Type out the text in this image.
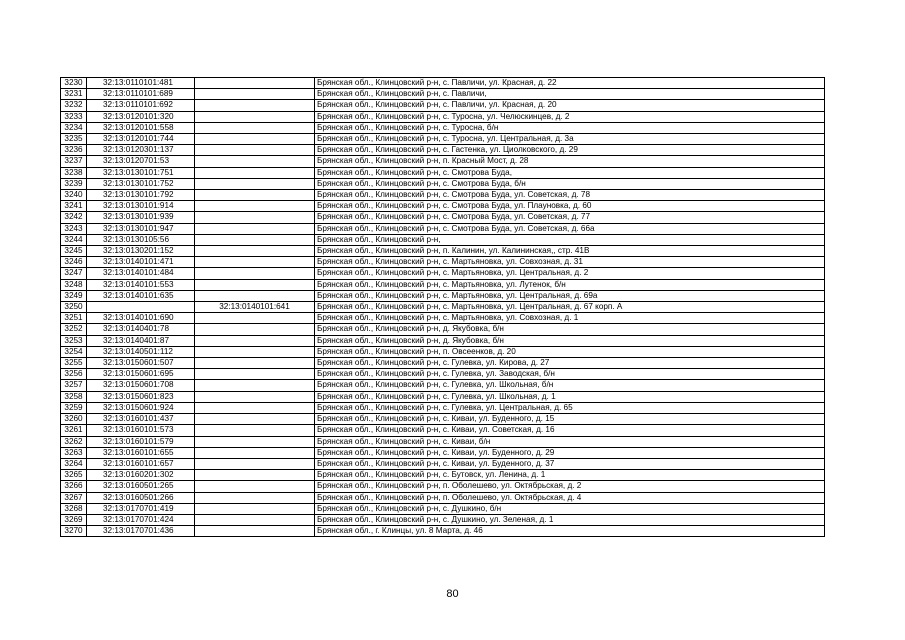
3230	32:13:0110101:481		Брянская обл., Клинцовский р-н, с. Павличи, ул. Красная, д. 22
3231	32:13:0110101:689		Брянская обл., Клинцовский р-н, с. Павличи,
3232	32:13:0110101:692		Брянская обл., Клинцовский р-н, с. Павличи, ул. Красная, д. 20
3233	32:13:0120101:320		Брянская обл., Клинцовский р-н, с. Туросна, ул. Челюскинцев, д. 2
3234	32:13:0120101:558		Брянская обл., Клинцовский р-н, с. Туросна, б/н
3235	32:13:0120101:744		Брянская обл., Клинцовский р-н, с. Туросна, ул. Центральная, д. 3а
3236	32:13:0120301:137		Брянская обл., Клинцовский р-н, с. Гастенка, ул. Циолковского, д. 29
3237	32:13:0120701:53		Брянская обл., Клинцовский р-н, п. Красный Мост, д. 28
3238	32:13:0130101:751		Брянская обл., Клинцовский р-н, с. Смотрова Буда,
3239	32:13:0130101:752		Брянская обл., Клинцовский р-н, с. Смотрова Буда, б/н
3240	32:13:0130101:792		Брянская обл., Клинцовский р-н, с. Смотрова Буда, ул. Советская, д. 78
3241	32:13:0130101:914		Брянская обл., Клинцовский р-н, с. Смотрова Буда, ул. Плауновка, д. 60
3242	32:13:0130101:939		Брянская обл., Клинцовский р-н, с. Смотрова Буда, ул. Советская, д. 77
3243	32:13:0130101:947		Брянская обл., Клинцовский р-н, с. Смотрова Буда, ул. Советская, д. 66а
3244	32:13:0130105:56		Брянская обл., Клинцовский р-н,
3245	32:13:0130201:152		Брянская обл., Клинцовский р-н, п. Калинин, ул. Калининская,, стр. 41В
3246	32:13:0140101:471		Брянская обл., Клинцовский р-н, с. Мартьяновка, ул. Совхозная, д. 31
3247	32:13:0140101:484		Брянская обл., Клинцовский р-н, с. Мартьяновка, ул. Центральная, д. 2
3248	32:13:0140101:553		Брянская обл., Клинцовский р-н, с. Мартьяновка, ул. Лутенок, б/н
3249	32:13:0140101:635		Брянская обл., Клинцовский р-н, с. Мартьяновка, ул. Центральная, д. 69а
3250		32:13:0140101:641	Брянская обл., Клинцовский р-н, с. Мартьяновка, ул. Центральная, д. 67 корп. А
3251	32:13:0140101:690		Брянская обл., Клинцовский р-н, с. Мартьяновка, ул. Совхозная, д. 1
3252	32:13:0140401:78		Брянская обл., Клинцовский р-н, д. Якубовка, б/н
3253	32:13:0140401:87		Брянская обл., Клинцовский р-н, д. Якубовка, б/н
3254	32:13:0140501:112		Брянская обл., Клинцовский р-н, п. Овсеенков, д. 20
3255	32:13:0150601:507		Брянская обл., Клинцовский р-н, с. Гулевка, ул. Кирова, д. 27
3256	32:13:0150601:695		Брянская обл., Клинцовский р-н, с. Гулевка, ул. Заводская, б/н
3257	32:13:0150601:708		Брянская обл., Клинцовский р-н, с. Гулевка, ул. Школьная, б/н
3258	32:13:0150601:823		Брянская обл., Клинцовский р-н, с. Гулевка, ул. Школьная, д. 1
3259	32:13:0150601:924		Брянская обл., Клинцовский р-н, с. Гулевка, ул. Центральная, д. 65
3260	32:13:0160101:437		Брянская обл., Клинцовский р-н, с. Киваи, ул. Буденного, д. 15
3261	32:13:0160101:573		Брянская обл., Клинцовский р-н, с. Киваи, ул. Советская, д. 16
3262	32:13:0160101:579		Брянская обл., Клинцовский р-н, с. Киваи, б/н
3263	32:13:0160101:655		Брянская обл., Клинцовский р-н, с. Киваи, ул. Буденного, д. 29
3264	32:13:0160101:657		Брянская обл., Клинцовский р-н, с. Киваи, ул. Буденного, д. 37
3265	32:13:0160201:302		Брянская обл., Клинцовский р-н, с. Бутовск, ул. Ленина, д. 1
3266	32:13:0160501:265		Брянская обл., Клинцовский р-н, п. Оболешево, ул. Октябрьская, д. 2
3267	32:13:0160501:266		Брянская обл., Клинцовский р-н, п. Оболешево, ул. Октябрьская, д. 4
3268	32:13:0170701:419		Брянская обл., Клинцовский р-н, с. Душкино, б/н
3269	32:13:0170701:424		Брянская обл., Клинцовский р-н, с. Душкино, ул. Зеленая, д. 1
3270	32:13:0170701:436		Брянская обл., г. Клинцы, ул. 8 Марта, д. 46
80
